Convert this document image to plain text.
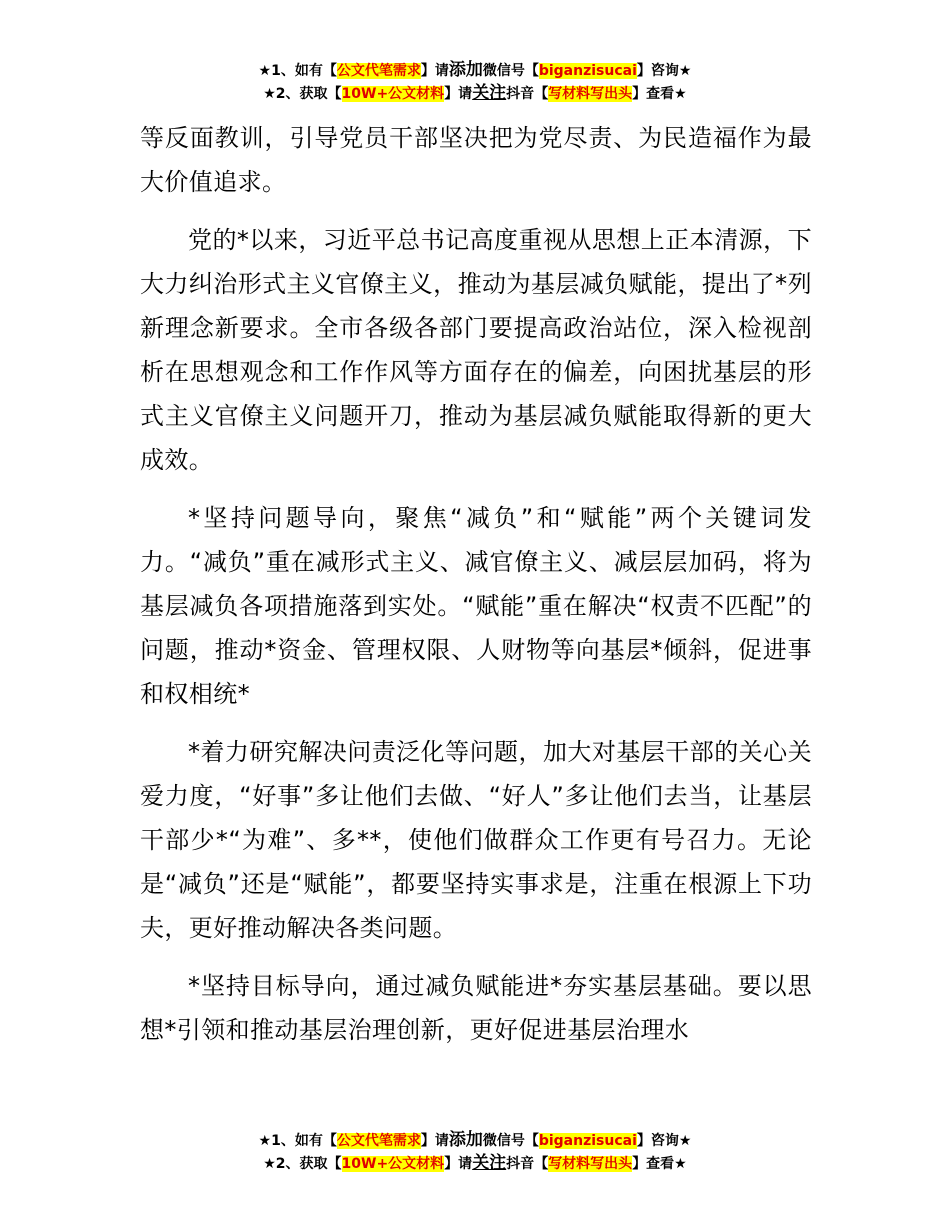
★1、如有【公文代笔需求】请添加微信号【biganzisucai】咨询★
★2、获取【10W+公文材料】请关注抖音【写材料写出头】查看★

等反面教训，引导党员干部坚决把为党尽责、为民造福作为最大价值追求。

党的*以来，习近平总书记高度重视从思想上正本清源，下大力纠治形式主义官僚主义，推动为基层减负赋能，提出了*列新理念新要求。全市各级各部门要提高政治站位，深入检视剖析在思想观念和工作作风等方面存在的偏差，向困扰基层的形式主义官僚主义问题开刀，推动为基层减负赋能取得新的更大成效。

*坚持问题导向，聚焦“减负”和“赋能”两个关键词发力。“减负”重在减形式主义、减官僚主义、减层层加码，将为基层减负各项措施落到实处。“赋能”重在解决“权责不匹配”的问题，推动*资金、管理权限、人财物等向基层*倾斜，促进事和权相统*

*着力研究解决问责泛化等问题，加大对基层干部的关心关爱力度，“好事”多让他们去做、“好人”多让他们去当，让基层干部少*“为难”、多**，使他们做群众工作更有号召力。无论是“减负”还是“赋能”，都要坚持实事求是，注重在根源上下功夫，更好推动解决各类问题。

*坚持目标导向，通过减负赋能进*夯实基层基础。要以思想*引领和推动基层治理创新，更好促进基层治理水

★1、如有【公文代笔需求】请添加微信号【biganzisucai】咨询★
★2、获取【10W+公文材料】请关注抖音【写材料写出头】查看★
